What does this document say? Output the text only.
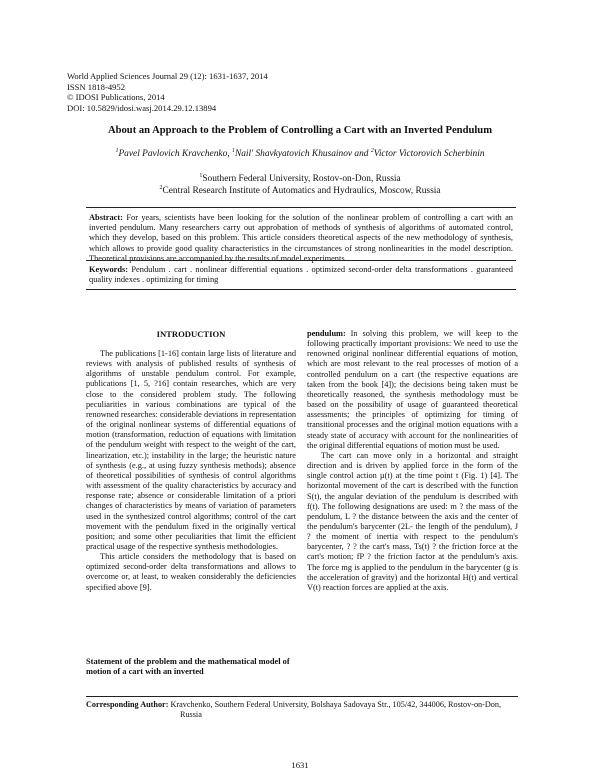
World Applied Sciences Journal 29 (12): 1631-1637, 2014
ISSN 1818-4952
© IDOSI Publications, 2014
DOI: 10.5829/idosi.wasj.2014.29.12.13894
About an Approach to the Problem of Controlling a Cart with an Inverted Pendulum
$^1$Pavel Pavlovich Kravchenko, $^1$Nail' Shavkyatovich Khusainov and $^2$Victor Victorovich Scherbinin
$^1$Southern Federal University, Rostov-on-Don, Russia
$^2$Central Research Institute of Automatics and Hydraulics, Moscow, Russia
Abstract: For years, scientists have been looking for the solution of the nonlinear problem of controlling a cart with an inverted pendulum. Many researchers carry out approbation of methods of synthesis of algorithms of automated control, which they develop, based on this problem. This article considers theoretical aspects of the new methodology of synthesis, which allows to provide good quality characteristics in the circumstances of strong nonlinearities in the model description. Theoretical provisions are accompanied by the results of model experiments.
Keywords: Pendulum . cart . nonlinear differential equations . optimized second-order delta transformations . guaranteed quality indexes . optimizing for timing
INTRODUCTION

The publications [1-16] contain large lists of literature and reviews with analysis of published results of synthesis of algorithms of unstable pendulum control. For example, publications [1, 5, ?16] contain researches, which are very close to the considered problem study. The following peculiarities in various combinations are typical of the renowned researches: considerable deviations in representation of the original nonlinear systems of differential equations of motion (transformation, reduction of equations with limitation of the pendulum weight with respect to the weight of the cart, linearization, etc.); instability in the large; the heuristic nature of synthesis (e.g., at using fuzzy synthesis methods); absence of theoretical possibilities of synthesis of control algorithms with assessment of the quality characteristics by accuracy and response rate; absence or considerable limitation of a priori changes of characteristics by means of variation of parameters used in the synthesized control algorithms; control of the cart movement with the pendulum fixed in the originally vertical position; and some other peculiarities that limit the efficient practical usage of the respective synthesis methodologies.

This article considers the methodology that is based on optimized second-order delta transformations and allows to overcome or, at least, to weaken considerably the deficiencies specified above [9].

Statement of the problem and the mathematical model of motion of a cart with an inverted

pendulum: In solving this problem, we will keep to the following practically important provisions: We need to use the renowned original nonlinear differential equations of motion, which are most relevant to the real processes of motion of a controlled pendulum on a cart (the respective equations are taken from the book [4]); the decisions being taken must be theoretically reasoned, the synthesis methodology must be based on the possibility of usage of guaranteed theoretical assessments; the principles of optimizing for timing of transitional processes and the original motion equations with a steady state of accuracy with account for the nonlinearities of the original differential equations of motion must be used.

The cart can move only in a horizontal and straight direction and is driven by applied force in the form of the single control action µ(t) at the time point t (Fig. 1) [4]. The horizontal movement of the cart is described with the function S(t), the angular deviation of the pendulum is described with f(t). The following designations are used: m ? the mass of the pendulum, L ? the distance between the axis and the center of the pendulum's barycenter (2L- the length of the pendulum), J ? the moment of inertia with respect to the pendulum's barycenter, ? ? the cart's mass, Ts(t) ? the friction force at the cart's motion; fP ? the friction factor at the pendulum's axis. The force mg is applied to the pendulum in the barycenter (g is the acceleration of gravity) and the horizontal H(t) and vertical V(t) reaction forces are applied at the axis.

Corresponding Author: Kravchenko, Southern Federal University, Bolshaya Sadovaya Str., 105/42, 344006, Rostov-on-Don,
Russia
1631
